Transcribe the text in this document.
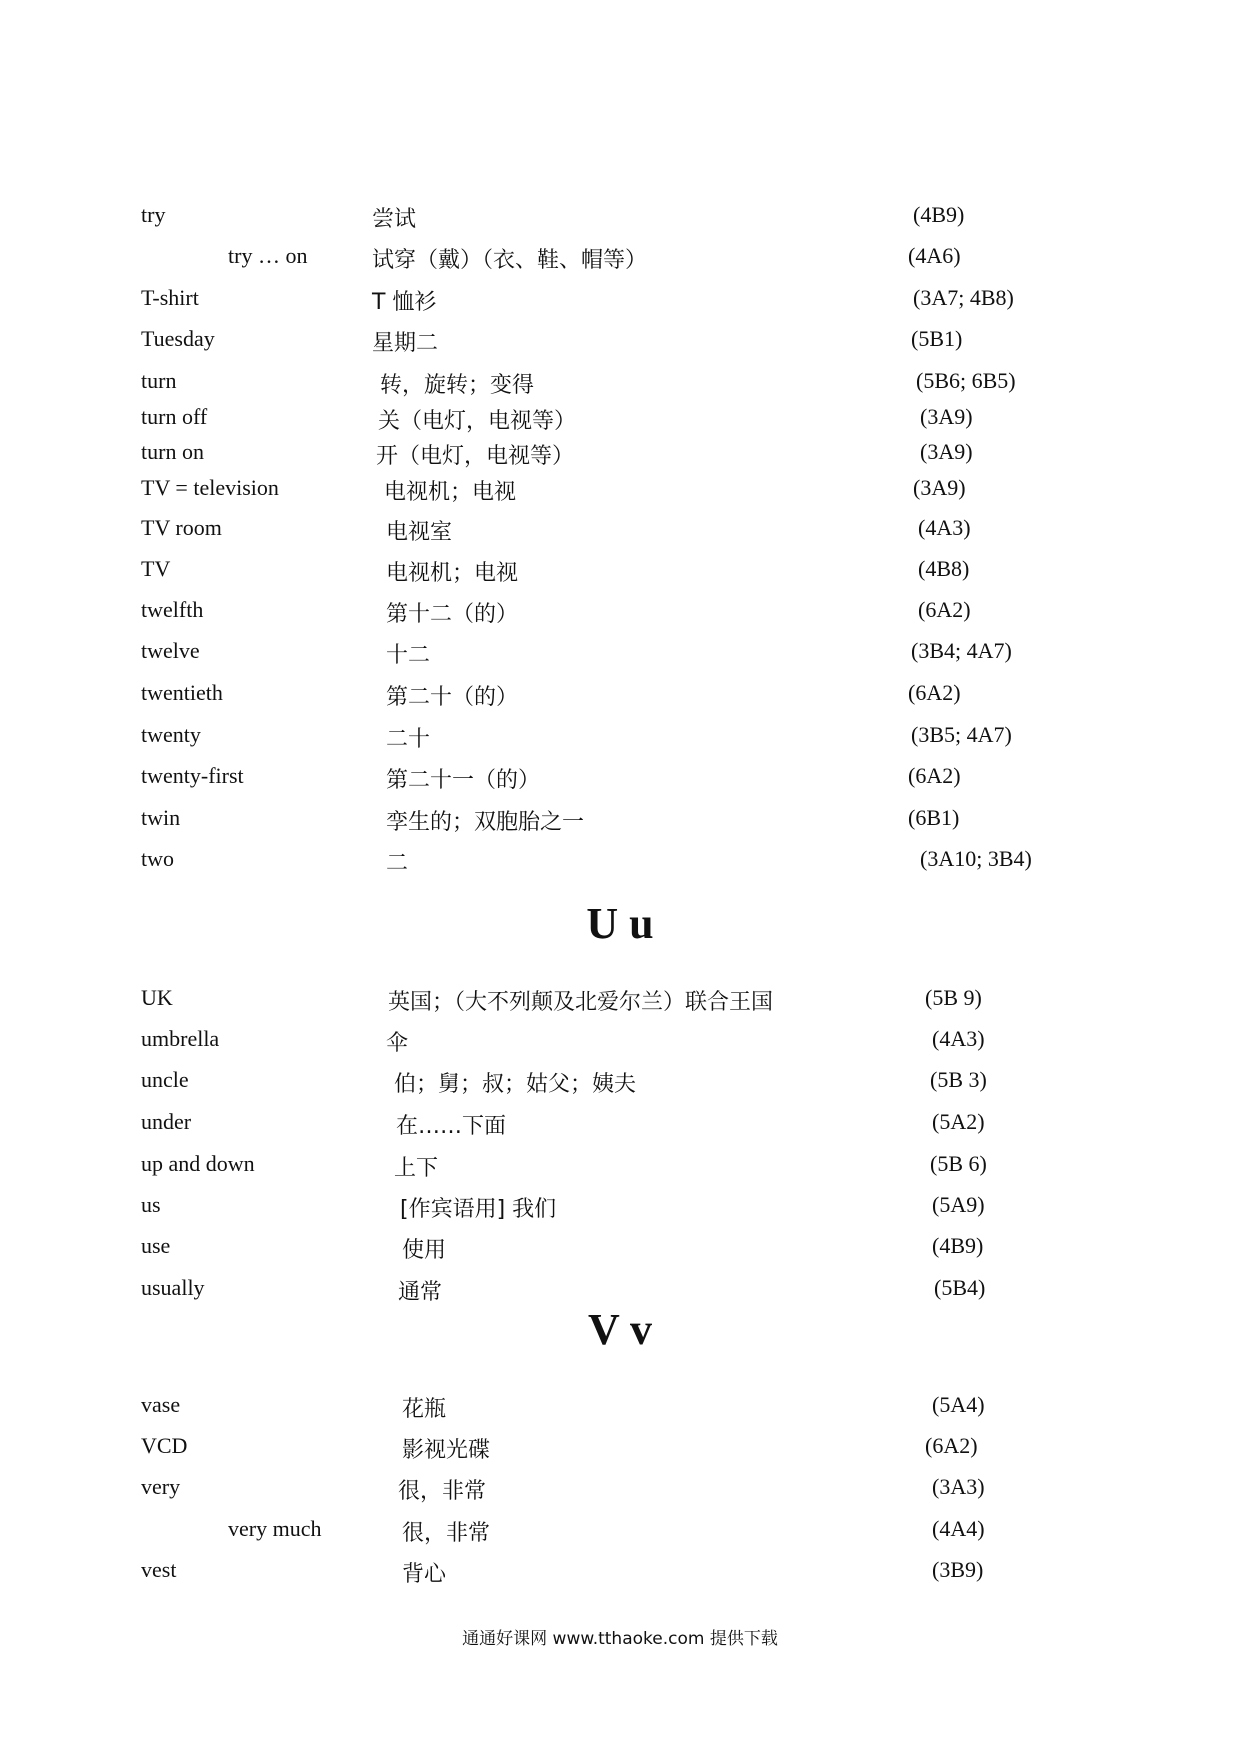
try	尝试	(4B9)
try … on	试穿（戴）（衣、鞋、帽等）	(4A6)
T-shirt	T 恤衫	(3A7; 4B8)
Tuesday	星期二	(5B1)
turn	转，旋转；变得	(5B6; 6B5)
turn off	关（电灯，电视等）	(3A9)
turn on	开（电灯，电视等）	(3A9)
TV = television	电视机；电视	(3A9)
TV room	电视室	(4A3)
TV	电视机；电视	(4B8)
twelfth	第十二（的）	(6A2)
twelve	十二	(3B4; 4A7)
twentieth	第二十（的）	(6A2)
twenty	二十	(3B5; 4A7)
twenty-first	第二十一（的）	(6A2)
twin	孪生的；双胞胎之一	(6B1)
two	二	(3A10; 3B4)
U u
UK	英国；（大不列颠及北爱尔兰）联合王国	(5B 9)
umbrella	伞	(4A3)
uncle	伯；舅；叔；姑父；姨夫	(5B 3)
under	在……下面	(5A2)
up and down	上下	(5B 6)
us	[作宾语用] 我们	(5A9)
use	使用	(4B9)
usually	通常	(5B4)
V v
vase	花瓶	(5A4)
VCD	影视光碟	(6A2)
very	很，非常	(3A3)
very much	很，非常	(4A4)
vest	背心	(3B9)
通通好课网 www.tthaoke.com 提供下载
